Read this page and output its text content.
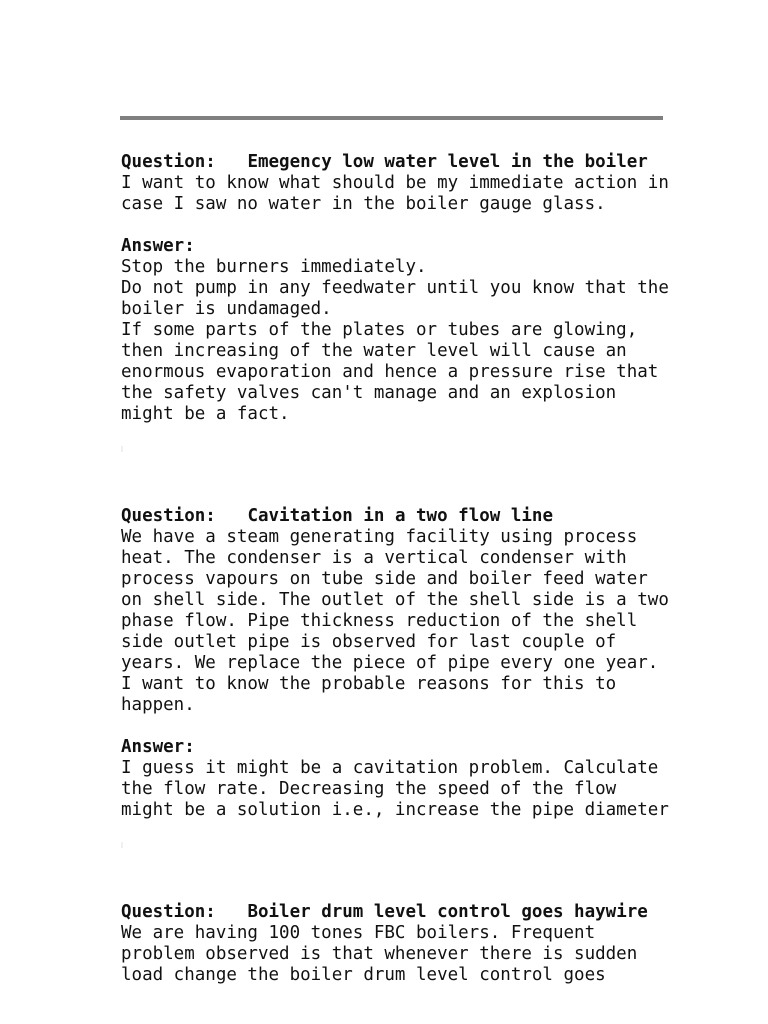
Question: Emegency low water level in the boiler
I want to know what should be my immediate action in
case I saw no water in the boiler gauge glass.
Answer:
Stop the burners immediately.
Do not pump in any feedwater until you know that the
boiler is undamaged.
If some parts of the plates or tubes are glowing,
then increasing of the water level will cause an
enormous evaporation and hence a pressure rise that
the safety valves can't manage and an explosion
might be a fact.
Question: Cavitation in a two flow line
We have a steam generating facility using process
heat. The condenser is a vertical condenser with
process vapours on tube side and boiler feed water
on shell side. The outlet of the shell side is a two
phase flow. Pipe thickness reduction of the shell
side outlet pipe is observed for last couple of
years. We replace the piece of pipe every one year.
I want to know the probable reasons for this to
happen.
Answer:
I guess it might be a cavitation problem. Calculate
the flow rate. Decreasing the speed of the flow
might be a solution i.e., increase the pipe diameter
Question: Boiler drum level control goes haywire
We are having 100 tones FBC boilers. Frequent
problem observed is that whenever there is sudden
load change the boiler drum level control goes
